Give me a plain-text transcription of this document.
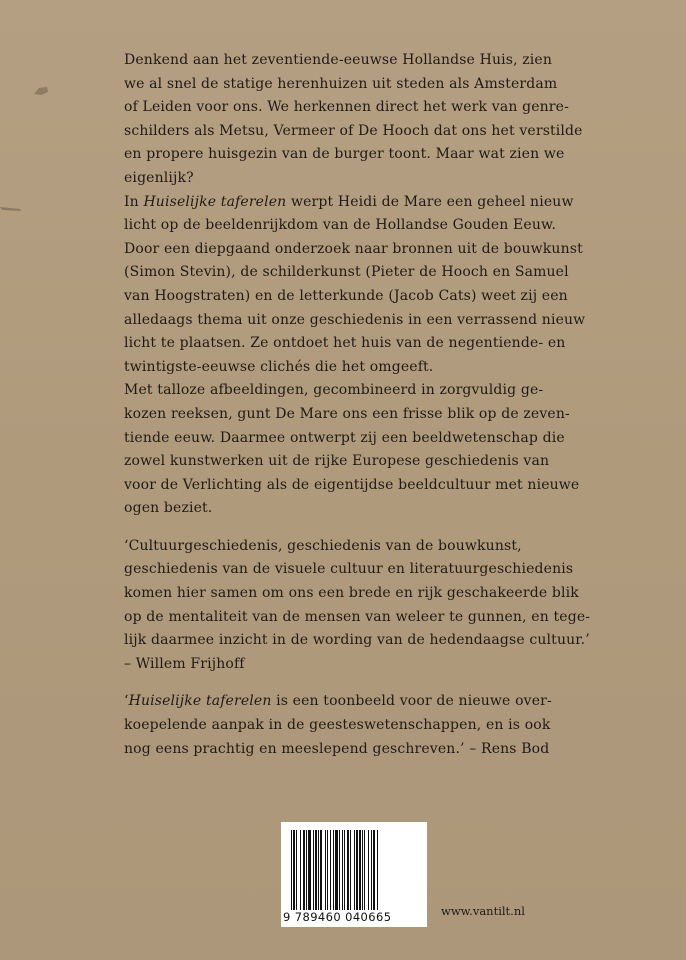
Denkend aan het zeventiende-eeuwse Hollandse Huis, zien
we al snel de statige herenhuizen uit steden als Amsterdam
of Leiden voor ons. We herkennen direct het werk van genre-
schilders als Metsu, Vermeer of De Hooch dat ons het verstilde
en propere huisgezin van de burger toont. Maar wat zien we
eigenlijk?
In Huiselijke taferelen werpt Heidi de Mare een geheel nieuw
licht op de beeldenrijkdom van de Hollandse Gouden Eeuw.
Door een diepgaand onderzoek naar bronnen uit de bouwkunst
(Simon Stevin), de schilderkunst (Pieter de Hooch en Samuel
van Hoogstraten) en de letterkunde (Jacob Cats) weet zij een
alledaags thema uit onze geschiedenis in een verrassend nieuw
licht te plaatsen. Ze ontdoet het huis van de negentiende- en
twintigste-eeuwse clichés die het omgeeft.
Met talloze afbeeldingen, gecombineerd in zorgvuldig ge-
kozen reeksen, gunt De Mare ons een frisse blik op de zeven-
tiende eeuw. Daarmee ontwerpt zij een beeldwetenschap die
zowel kunstwerken uit de rijke Europese geschiedenis van
voor de Verlichting als de eigentijdse beeldcultuur met nieuwe
ogen beziet.
‘Cultuurgeschiedenis, geschiedenis van de bouwkunst,
geschiedenis van de visuele cultuur en literatuurgeschiedenis
komen hier samen om ons een brede en rijk geschakeerde blik
op de mentaliteit van de mensen van weleer te gunnen, en tege-
lijk daarmee inzicht in de wording van de hedendaagse cultuur.’
– Willem Frijhoff
‘Huiselijke taferelen is een toonbeeld voor de nieuwe over-
koepelende aanpak in de geesteswetenschappen, en is ook
nog eens prachtig en meeslepend geschreven.’ – Rens Bod
9 789460 040665	www.vantilt.nl
